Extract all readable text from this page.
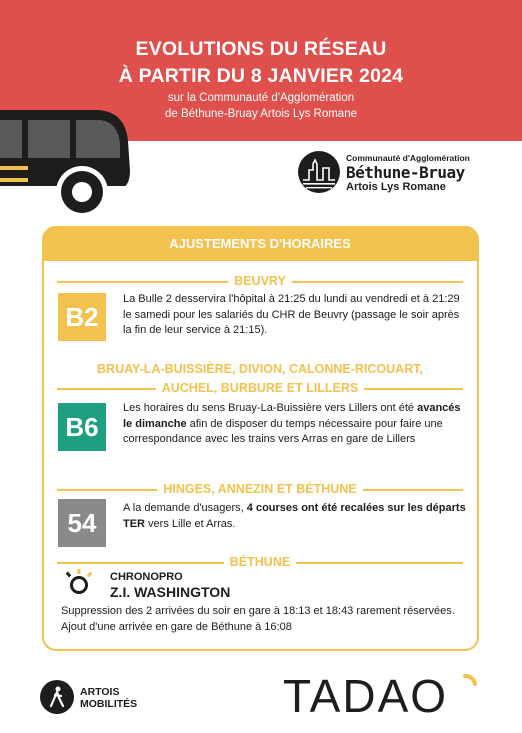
EVOLUTIONS DU RÉSEAU
À PARTIR DU 8 JANVIER 2024
sur la Communauté d'Agglomération
de Béthune-Bruay Artois Lys Romane
Communauté d'Agglomération
Béthune-Bruay
Artois Lys Romane
AJUSTEMENTS D'HORAIRES
BEUVRY
B2
La Bulle 2 desservira l'hôpital à 21:25 du lundi au vendredi et à 21:29 le samedi pour les salariés du CHR de Beuvry (passage le soir après la fin de leur service à 21:15).
BRUAY-LA-BUISSIÈRE, DIVION, CALONNE-RICOUART,
AUCHEL, BURBURE ET LILLERS
B6
Les horaires du sens Bruay-La-Buissière vers Lillers ont été avancés le dimanche afin de disposer du temps nécessaire pour faire une correspondance avec les trains vers Arras en gare de Lillers
HINGES, ANNEZIN ET BÉTHUNE
54	A la demande d'usagers, 4 courses ont été recalées sur les départs TER vers Lille et Arras.
BÉTHUNE
CHRONOPRO
Z.I. WASHINGTON
Suppression des 2 arrivées du soir en gare à 18:13 et 18:43 rarement réservées. Ajout d'une arrivée en gare de Béthune à 16:08
ARTOIS
MOBILITÉS	TADAO
